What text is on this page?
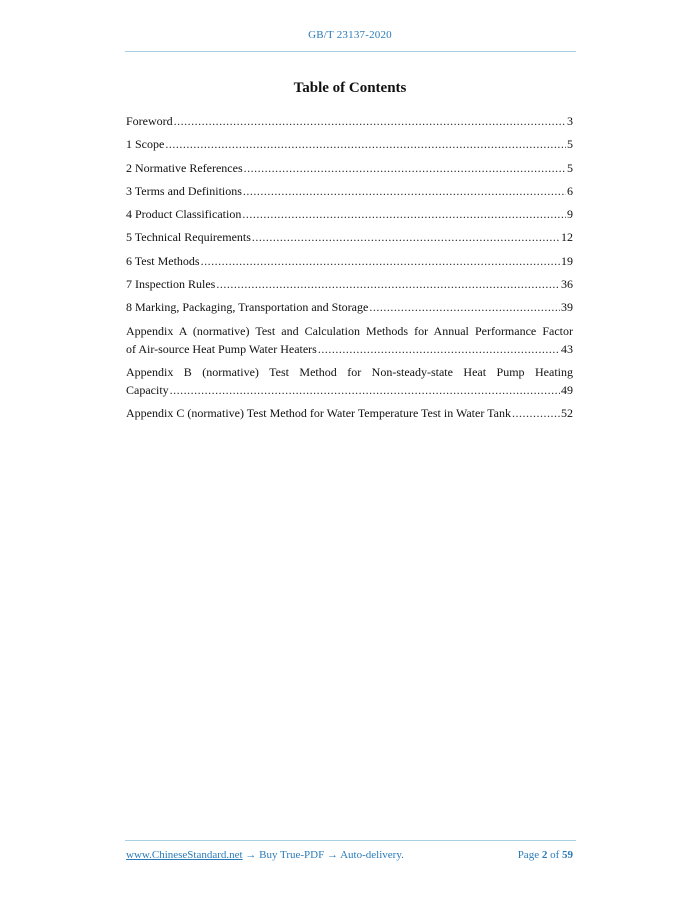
GB/T 23137-2020
Table of Contents
Foreword .....	3
1 Scope .....	5
2 Normative References .....	5
3 Terms and Definitions .....	6
4 Product Classification .....	9
5 Technical Requirements .....	12
6 Test Methods .....	19
7 Inspection Rules .....	36
8 Marking, Packaging, Transportation and Storage .....	39
Appendix A (normative) Test and Calculation Methods for Annual Performance Factor
of Air-source Heat Pump Water Heaters .....	43
Appendix B (normative) Test Method for Non-steady-state Heat Pump Heating
Capacity .....	49
Appendix C (normative) Test Method for Water Temperature Test in Water Tank .....	52
www.ChineseStandard.net → Buy True-PDF → Auto-delivery.	Page 2 of 59
